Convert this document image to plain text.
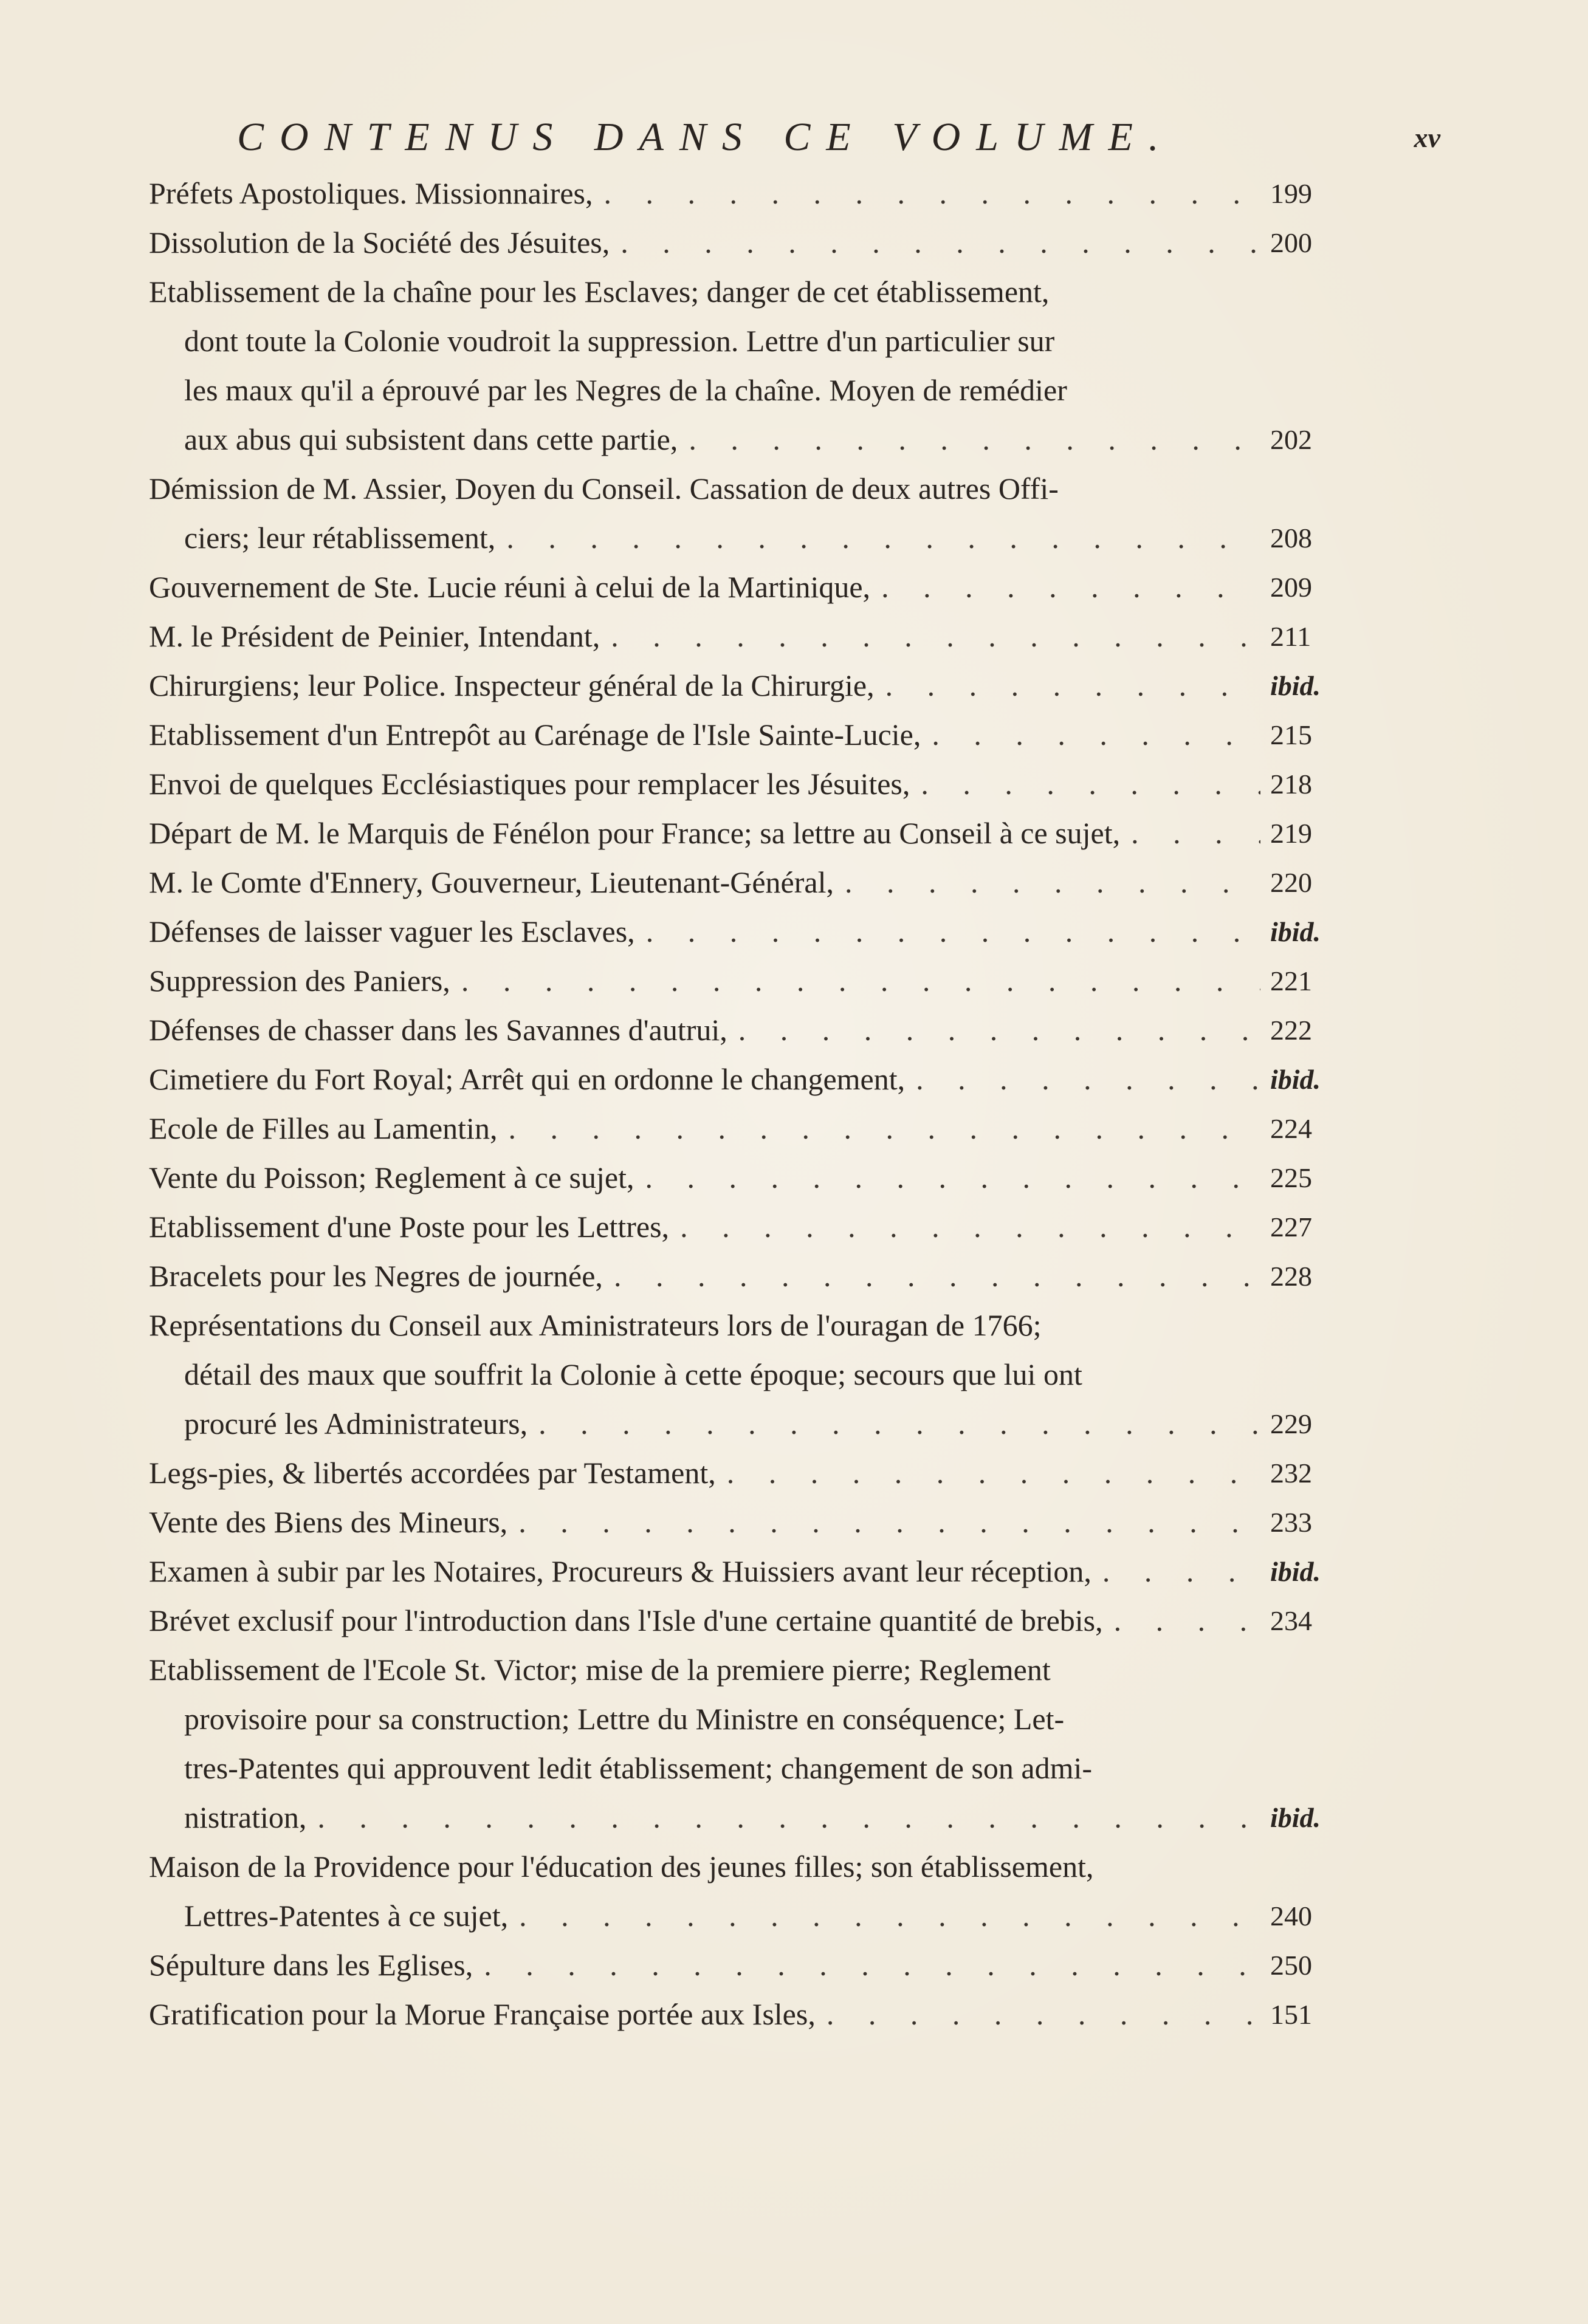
CONTENUS DANS CE VOLUME.	xv
Préfets Apostoliques. Missionnaires, . . .	199
Dissolution de la Société des Jésuites, . . .	200
Etablissement de la chaîne pour les Esclaves; danger de cet établissement,
dont toute la Colonie voudroit la suppression. Lettre d'un particulier sur
les maux qu'il a éprouvé par les Negres de la chaîne. Moyen de remédier
aux abus qui subsistent dans cette partie, . . .	202
Démission de M. Assier, Doyen du Conseil. Cassation de deux autres Offi-
ciers; leur rétablissement, . . .	208
Gouvernement de Ste. Lucie réuni à celui de la Martinique, . . .	209
M. le Président de Peinier, Intendant, . . .	211
Chirurgiens; leur Police. Inspecteur général de la Chirurgie, . . .	ibid.
Etablissement d'un Entrepôt au Carénage de l'Isle Sainte-Lucie, . . .	215
Envoi de quelques Ecclésiastiques pour remplacer les Jésuites, . . .	218
Départ de M. le Marquis de Fénélon pour France; sa lettre au Conseil à ce sujet, . . .	219
M. le Comte d'Ennery, Gouverneur, Lieutenant-Général, . . .	220
Défenses de laisser vaguer les Esclaves, . . .	ibid.
Suppression des Paniers, . . .	221
Défenses de chasser dans les Savannes d'autrui, . . .	222
Cimetiere du Fort Royal; Arrêt qui en ordonne le changement, . . .	ibid.
Ecole de Filles au Lamentin, . . .	224
Vente du Poisson; Reglement à ce sujet, . . .	225
Etablissement d'une Poste pour les Lettres, . . .	227
Bracelets pour les Negres de journée, . . .	228
Représentations du Conseil aux Aministrateurs lors de l'ouragan de 1766;
détail des maux que souffrit la Colonie à cette époque; secours que lui ont
procuré les Administrateurs, . . .	229
Legs-pies, & libertés accordées par Testament, . . .	232
Vente des Biens des Mineurs, . . .	233
Examen à subir par les Notaires, Procureurs & Huissiers avant leur réception, . . .	ibid.
Brévet exclusif pour l'introduction dans l'Isle d'une certaine quantité de brebis, . . .	234
Etablissement de l'Ecole St. Victor; mise de la premiere pierre; Reglement
provisoire pour sa construction; Lettre du Ministre en conséquence; Let-
tres-Patentes qui approuvent ledit établissement; changement de son admi-
nistration, . . .	ibid.
Maison de la Providence pour l'éducation des jeunes filles; son établissement,
Lettres-Patentes à ce sujet, . . .	240
Sépulture dans les Eglises, . . .	250
Gratification pour la Morue Française portée aux Isles, . . .	151
